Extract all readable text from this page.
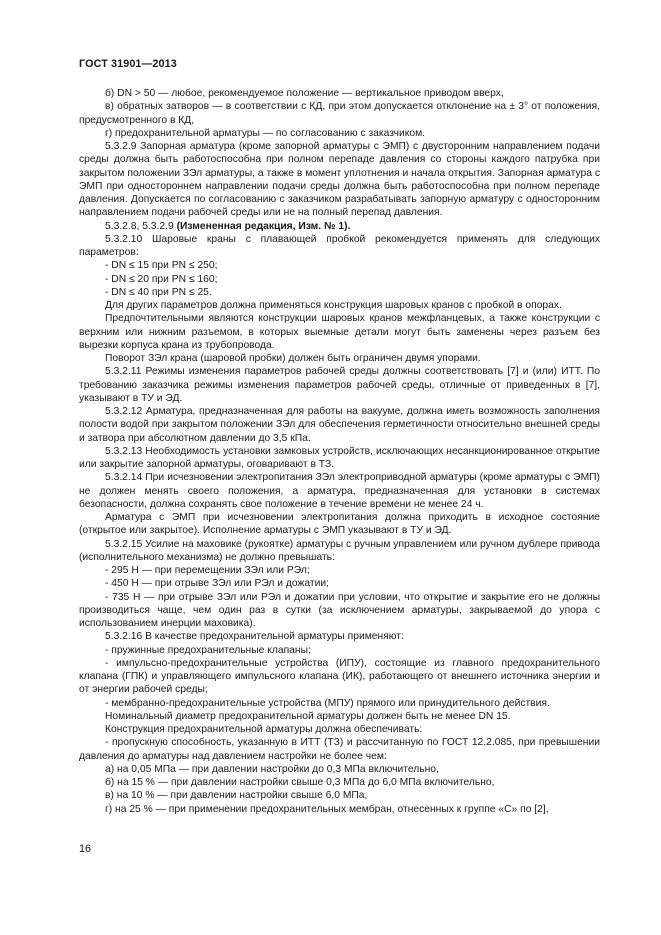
ГОСТ 31901—2013

б) DN > 50 — любое, рекомендуемое положение — вертикальное приводом вверх,

в) обратных затворов — в соответствии с КД, при этом допускается отклонение на ± 3° от положения, предусмотренного в КД,

г) предохранительной арматуры — по согласованию с заказчиком.

5.3.2.9 Запорная арматура (кроме запорной арматуры с ЭМП) с двусторонним направлением подачи среды должна быть работоспособна при полном перепаде давления со стороны каждого патрубка при закрытом положении ЗЭл арматуры, а также в момент уплотнения и начала открытия. Запорная арматура с ЭМП при одностороннем направлении подачи среды должна быть работоспособна при полном перепаде давления. Допускается по согласованию с заказчиком разрабатывать запорную арматуру с односторонним направлением подачи рабочей среды или не на полный перепад давления.

5.3.2.8, 5.3.2.9 (Измененная редакция, Изм. № 1).

5.3.2.10 Шаровые краны с плавающей пробкой рекомендуется применять для следующих параметров:

- DN ≤ 15 при PN ≤ 250;

- DN ≤ 20 при PN ≤ 160;

- DN ≤ 40 при PN ≤ 25.

Для других параметров должна применяться конструкция шаровых кранов с пробкой в опорах.

Предпочтительными являются конструкции шаровых кранов межфланцевых, а также конструкции с верхним или нижним разъемом, в которых выемные детали могут быть заменены через разъем без вырезки корпуса крана из трубопровода.

Поворот ЗЭл крана (шаровой пробки) должен быть ограничен двумя упорами.

5.3.2.11 Режимы изменения параметров рабочей среды должны соответствовать [7] и (или) ИТТ. По требованию заказчика режимы изменения параметров рабочей среды, отличные от приведенных в [7], указывают в ТУ и ЭД.

5.3.2.12 Арматура, предназначенная для работы на вакууме, должна иметь возможность заполнения полости водой при закрытом положении ЗЭл для обеспечения герметичности относительно внешней среды и затвора при абсолютном давлении до 3,5 кПа.

5.3.2.13 Необходимость установки замковых устройств, исключающих несанкционированное открытие или закрытие запорной арматуры, оговаривают в ТЗ.

5.3.2.14 При исчезновении электропитания ЗЭл электроприводной арматуры (кроме арматуры с ЭМП) не должен менять своего положения, а арматура, предназначенная для установки в системах безопасности, должна сохранять свое положение в течение времени не менее 24 ч.

Арматура с ЭМП при исчезновении электропитания должна приходить в исходное состояние (открытое или закрытое). Исполнение арматуры с ЭМП указывают в ТУ и ЭД.

5.3.2.15 Усилие на маховике (рукоятке) арматуры с ручным управлением или ручном дублере привода (исполнительного механизма) не должно превышать:

- 295 Н — при перемещении ЗЭл или РЭл;

- 450 Н — при отрыве ЗЭл или РЭл и дожатии;

- 735 Н — при отрыве ЗЭл или РЭл и дожатии при условии, что открытие и закрытие его не должны производиться чаще, чем один раз в сутки (за исключением арматуры, закрываемой до упора с использованием инерции маховика).

5.3.2.16 В качестве предохранительной арматуры применяют:

- пружинные предохранительные клапаны;

- импульсно-предохранительные устройства (ИПУ), состоящие из главного предохранительного клапана (ГПК) и управляющего импульсного клапана (ИК), работающего от внешнего источника энергии и от энергии рабочей среды;

- мембранно-предохранительные устройства (МПУ) прямого или принудительного действия.

Номинальный диаметр предохранительной арматуры должен быть не менее DN 15.

Конструкция предохранительной арматуры должна обеспечивать:

- пропускную способность, указанную в ИТТ (ТЗ) и рассчитанную по ГОСТ 12.2.085, при превышении давления до арматуры над давлением настройки не более чем:

а) на 0,05 МПа — при давлении настройки до 0,3 МПа включительно,

б) на 15 % — при давлении настройки свыше 0,3 МПа до 6,0 МПа включительно,

в) на 10 % — при давлении настройки свыше 6,0 МПа,

г) на 25 % — при применении предохранительных мембран, отнесенных к группе «С» по [2],

16
